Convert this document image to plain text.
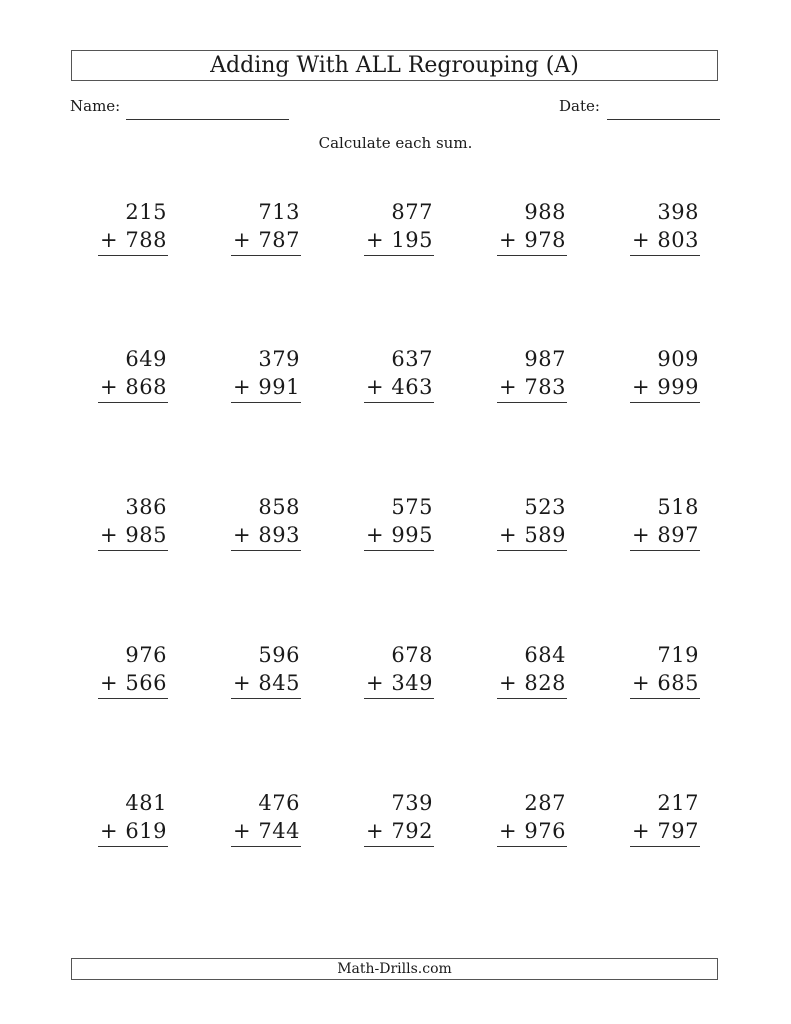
Adding With ALL Regrouping (A)
Name:	Date:
Calculate each sum.
215
+ 788
713
+ 787
877
+ 195
988
+ 978
398
+ 803
649
+ 868
379
+ 991
637
+ 463
987
+ 783
909
+ 999
386
+ 985
858
+ 893
575
+ 995
523
+ 589
518
+ 897
976
+ 566
596
+ 845
678
+ 349
684
+ 828
719
+ 685
481
+ 619
476
+ 744
739
+ 792
287
+ 976
217
+ 797
Math-Drills.com
